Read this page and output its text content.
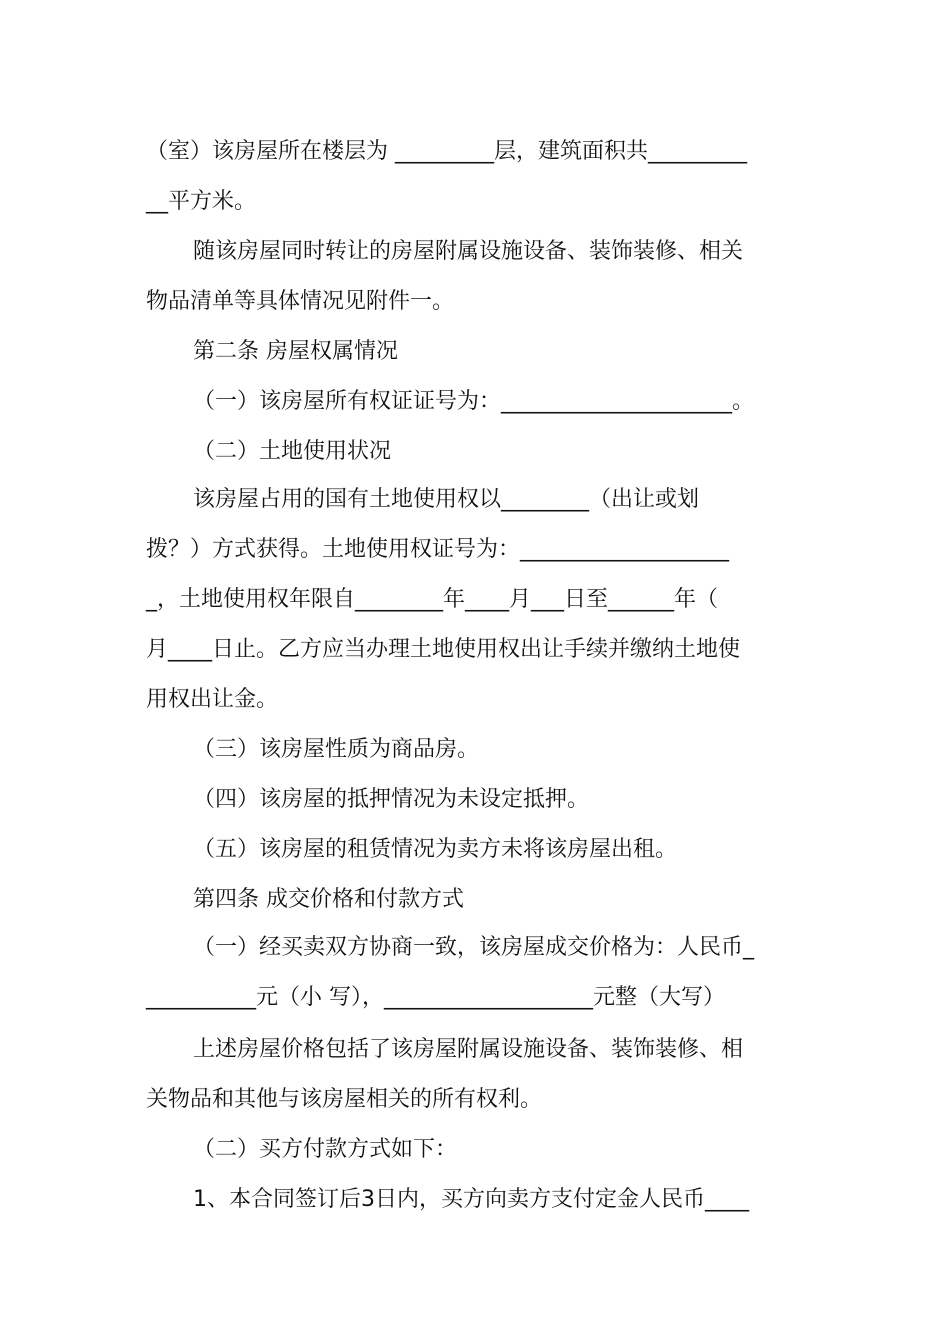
（室）该房屋所在楼层为 _________层，建筑面积共_________
__平方米。
随该房屋同时转让的房屋附属设施设备、装饰装修、相关
物品清单等具体情况见附件一。
第二条 房屋权属情况
（一）该房屋所有权证证号为：_____________________。
（二）土地使用状况
该房屋占用的国有土地使用权以________（出让或划
拨？）方式获得。土地使用权证号为：___________________
_，土地使用权年限自________年____月___日至______年（
月____日止。乙方应当办理土地使用权出让手续并缴纳土地使
用权出让金。
（三）该房屋性质为商品房。
（四）该房屋的抵押情况为未设定抵押。
（五）该房屋的租赁情况为卖方未将该房屋出租。
第四条 成交价格和付款方式
（一）经买卖双方协商一致，该房屋成交价格为：人民币_
__________元（小 写），___________________元整（大写）
上述房屋价格包括了该房屋附属设施设备、装饰装修、相
关物品和其他与该房屋相关的所有权利。
（二）买方付款方式如下：
1、本合同签订后3日内，买方向卖方支付定金人民币____
